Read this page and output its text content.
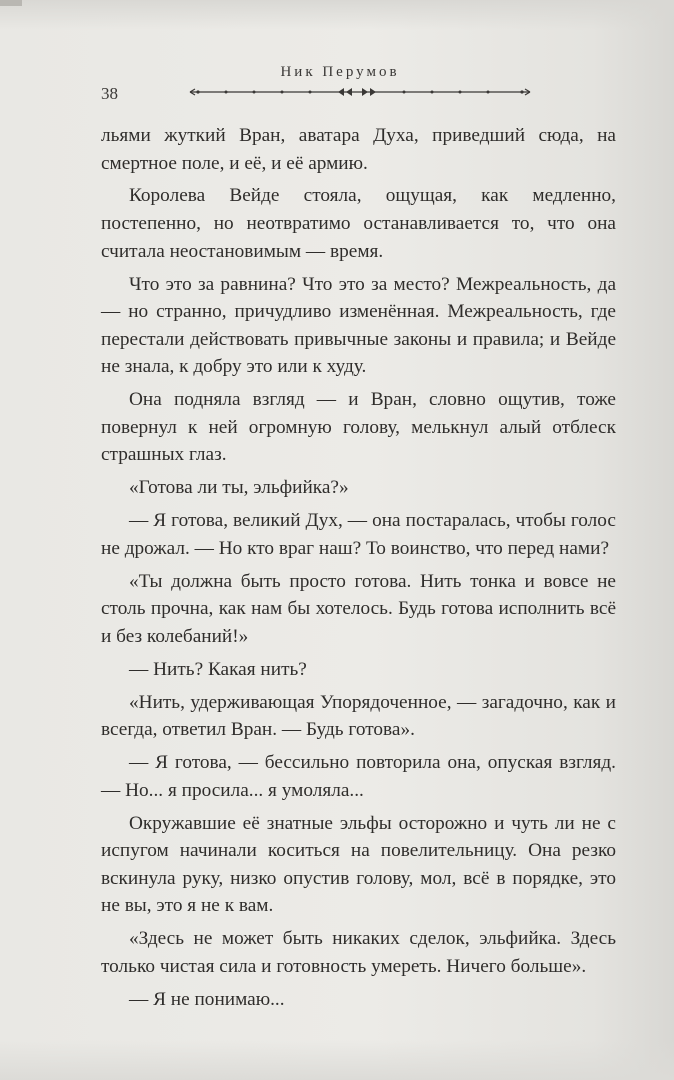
Ник Перумов
38

льями жуткий Вран, аватара Духа, приведший сюда, на смертное поле, и её, и её армию.

Королева Вейде стояла, ощущая, как медленно, постепенно, но неотвратимо останавливается то, что она считала неостановимым — время.

Что это за равнина? Что это за место? Межреальность, да — но странно, причудливо изменённая. Межреальность, где перестали действовать привычные законы и правила; и Вейде не знала, к добру это или к худу.

Она подняла взгляд — и Вран, словно ощутив, тоже повернул к ней огромную голову, мелькнул алый отблеск страшных глаз.

«Готова ли ты, эльфийка?»

— Я готова, великий Дух, — она постаралась, чтобы голос не дрожал. — Но кто враг наш? То воинство, что перед нами?

«Ты должна быть просто готова. Нить тонка и вовсе не столь прочна, как нам бы хотелось. Будь готова исполнить всё и без колебаний!»

— Нить? Какая нить?

«Нить, удерживающая Упорядоченное, — загадочно, как и всегда, ответил Вран. — Будь готова».

— Я готова, — бессильно повторила она, опуская взгляд. — Но... я просила... я умоляла...

Окружавшие её знатные эльфы осторожно и чуть ли не с испугом начинали коситься на повелительницу. Она резко вскинула руку, низко опустив голову, мол, всё в порядке, это не вы, это я не к вам.

«Здесь не может быть никаких сделок, эльфийка. Здесь только чистая сила и готовность умереть. Ничего больше».

— Я не понимаю...
